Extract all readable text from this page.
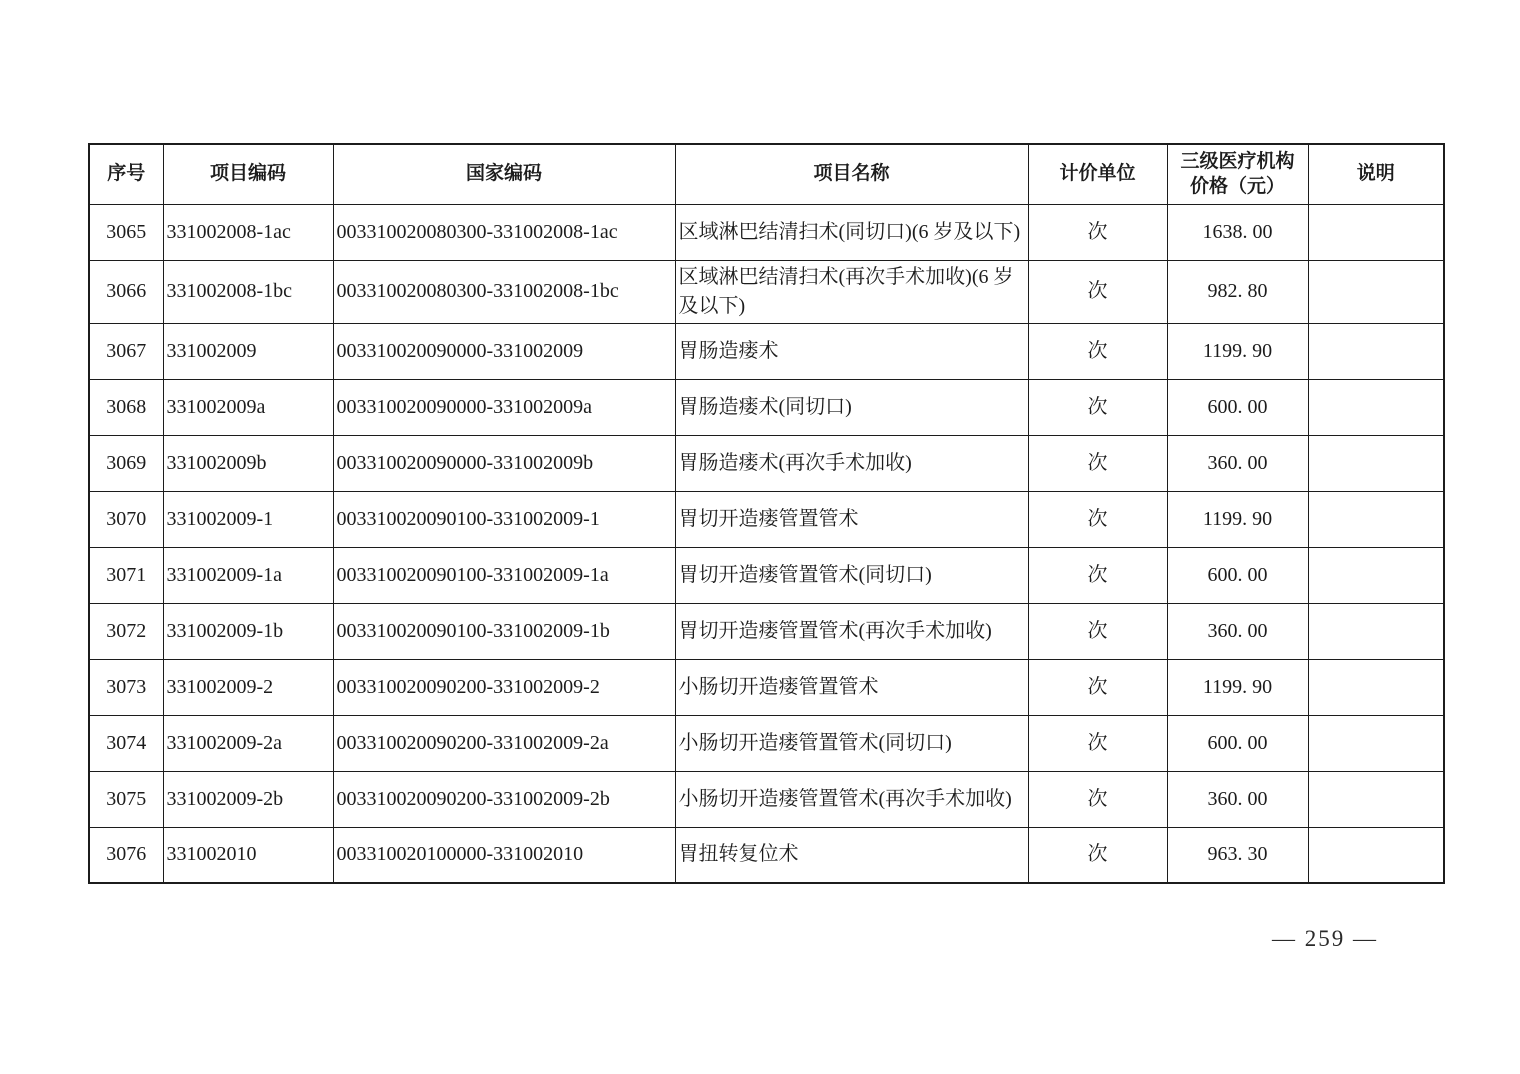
序号	项目编码	国家编码	项目名称	计价单位	三级医疗机构价格（元）	说明
3065	331002008-1ac	003310020080300-331002008-1ac	区域淋巴结清扫术(同切口)(6 岁及以下)	次	1638. 00	
3066	331002008-1bc	003310020080300-331002008-1bc	区域淋巴结清扫术(再次手术加收)(6 岁及以下)	次	982. 80	
3067	331002009	003310020090000-331002009	胃肠造瘘术	次	1199. 90	
3068	331002009a	003310020090000-331002009a	胃肠造瘘术(同切口)	次	600. 00	
3069	331002009b	003310020090000-331002009b	胃肠造瘘术(再次手术加收)	次	360. 00	
3070	331002009-1	003310020090100-331002009-1	胃切开造瘘管置管术	次	1199. 90	
3071	331002009-1a	003310020090100-331002009-1a	胃切开造瘘管置管术(同切口)	次	600. 00	
3072	331002009-1b	003310020090100-331002009-1b	胃切开造瘘管置管术(再次手术加收)	次	360. 00	
3073	331002009-2	003310020090200-331002009-2	小肠切开造瘘管置管术	次	1199. 90	
3074	331002009-2a	003310020090200-331002009-2a	小肠切开造瘘管置管术(同切口)	次	600. 00	
3075	331002009-2b	003310020090200-331002009-2b	小肠切开造瘘管置管术(再次手术加收)	次	360. 00	
3076	331002010	003310020100000-331002010	胃扭转复位术	次	963. 30	
— 259 —
